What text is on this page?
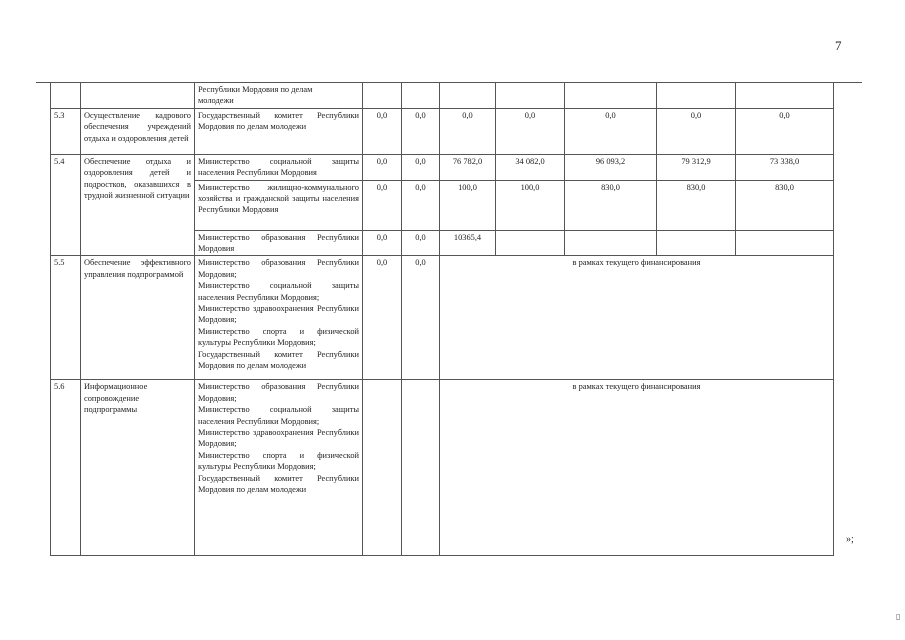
7

		Республики Мордовия по делам
молодежи							

5.3	Осуществление кадрового обеспечения учреждений отдыха и оздоровления детей	Государственный комитет Республики Мордовия по делам молодежи	0,0	0,0	0,0	0,0	0,0	0,0	0,0
5.4	Обеспечение отдыха и оздоровления детей и подростков, оказавшихся в трудной жизненной ситуации	Министерство социальной защиты населения Республики Мордовия	0,0	0,0	76 782,0	34 082,0	96 093,2	79 312,9	73 338,0

		Министерство жилищно-коммунального хозяйства и гражданской защиты населения Республики Мордовия	0,0	0,0	100,0	100,0	830,0	830,0	830,0

		Министерство образования Республики Мордовия	0,0	0,0	10365,4				
5.5	Обеспечение эффективного управления подпрограммой	Министерство образования Республики Мордовия;
Министерство социальной защиты населения Республики Мордовия;
Министерство здравоохранения Республики Мордовия;
Министерство спорта и физической культуры Республики Мордовия;
Государственный комитет Республики Мордовия по делам молодежи	0,0	0,0	в рамках текущего финансирования				
5.6	Информационное сопровождение подпрограммы	Министерство образования Республики Мордовия;
Министерство социальной защиты населения Республики Мордовия;
Министерство здравоохранения Республики Мордовия;
Министерство спорта и физической культуры Республики Мордовия;
Государственный комитет Республики Мордовия по делам молодежи			в рамках текущего финансирования				
»;
▯
